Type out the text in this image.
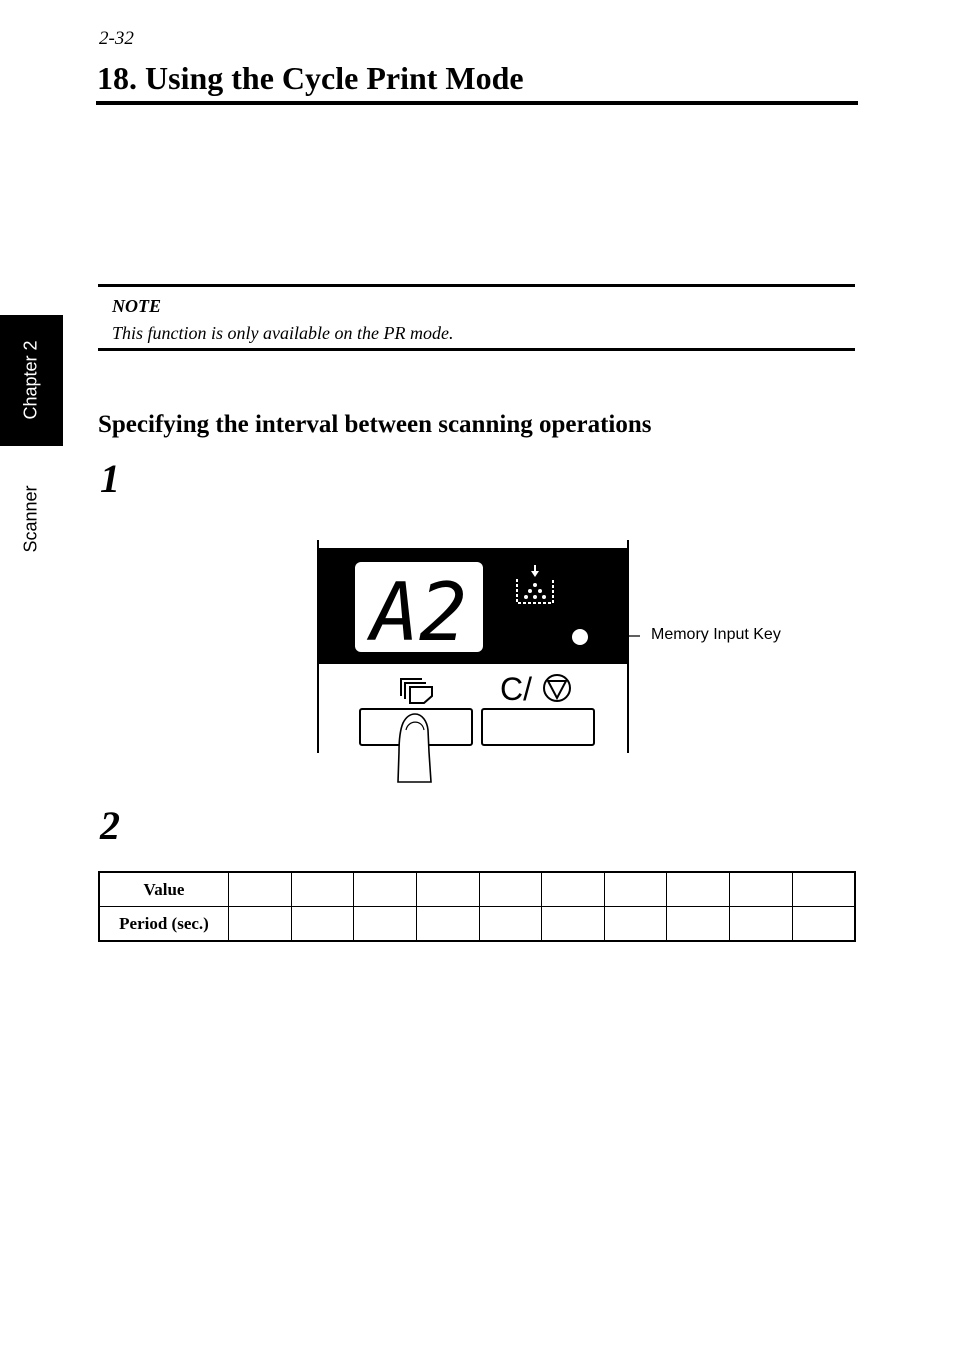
2-32
18. Using the Cycle Print Mode
Chapter 2
Scanner
NOTE
This function is only available on the PR mode.
Specifying the interval between scanning operations
1
A2
C/
Memory Input Key
2
Value										
Period (sec.)										
